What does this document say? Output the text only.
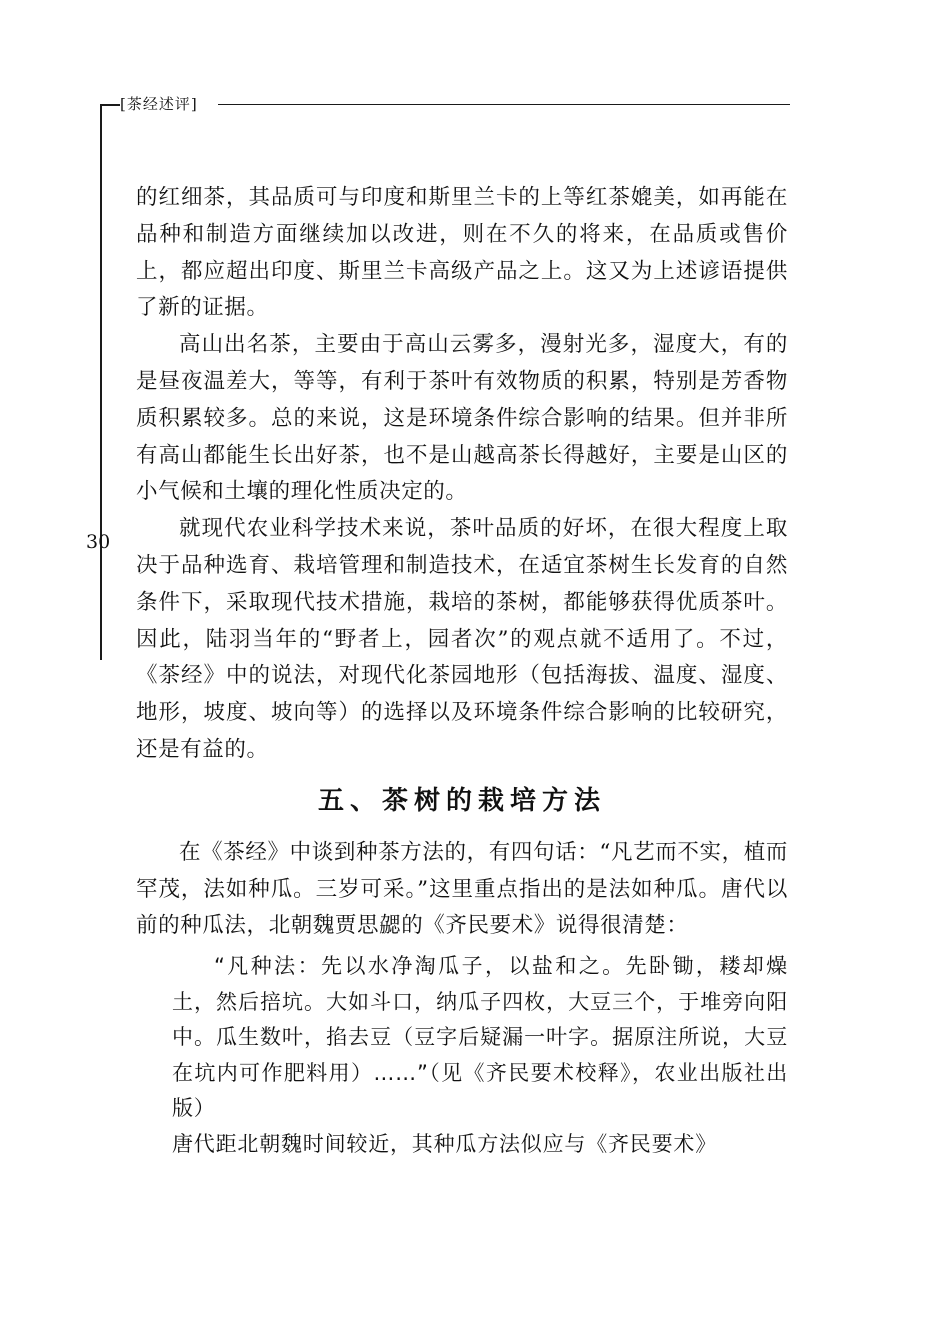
[茶经述评]
30

的红细茶，其品质可与印度和斯里兰卡的上等红茶媲美，如再能在品种和制造方面继续加以改进，则在不久的将来，在品质或售价上，都应超出印度、斯里兰卡高级产品之上。这又为上述谚语提供了新的证据。

高山出名茶，主要由于高山云雾多，漫射光多，湿度大，有的是昼夜温差大，等等，有利于茶叶有效物质的积累，特别是芳香物质积累较多。总的来说，这是环境条件综合影响的结果。但并非所有高山都能生长出好茶，也不是山越高茶长得越好，主要是山区的小气候和土壤的理化性质决定的。

就现代农业科学技术来说，茶叶品质的好坏，在很大程度上取决于品种选育、栽培管理和制造技术，在适宜茶树生长发育的自然条件下，采取现代技术措施，栽培的茶树，都能够获得优质茶叶。因此，陆羽当年的“野者上，园者次”的观点就不适用了。不过，《茶经》中的说法，对现代化茶园地形（包括海拔、温度、湿度、地形，坡度、坡向等）的选择以及环境条件综合影响的比较研究，还是有益的。

五、茶树的栽培方法

在《茶经》中谈到种茶方法的，有四句话：“凡艺而不实，植而罕茂，法如种瓜。三岁可采。”这里重点指出的是法如种瓜。唐代以前的种瓜法，北朝魏贾思勰的《齐民要术》说得很清楚：

“凡种法：先以水净淘瓜子，以盐和之。先卧锄，耧却燥土，然后掊坑。大如斗口，纳瓜子四枚，大豆三个，于堆旁向阳中。瓜生数叶，掐去豆（豆字后疑漏一叶字。据原注所说，大豆在坑内可作肥料用）……”（见《齐民要术校释》，农业出版社出版）

唐代距北朝魏时间较近，其种瓜方法似应与《齐民要术》
